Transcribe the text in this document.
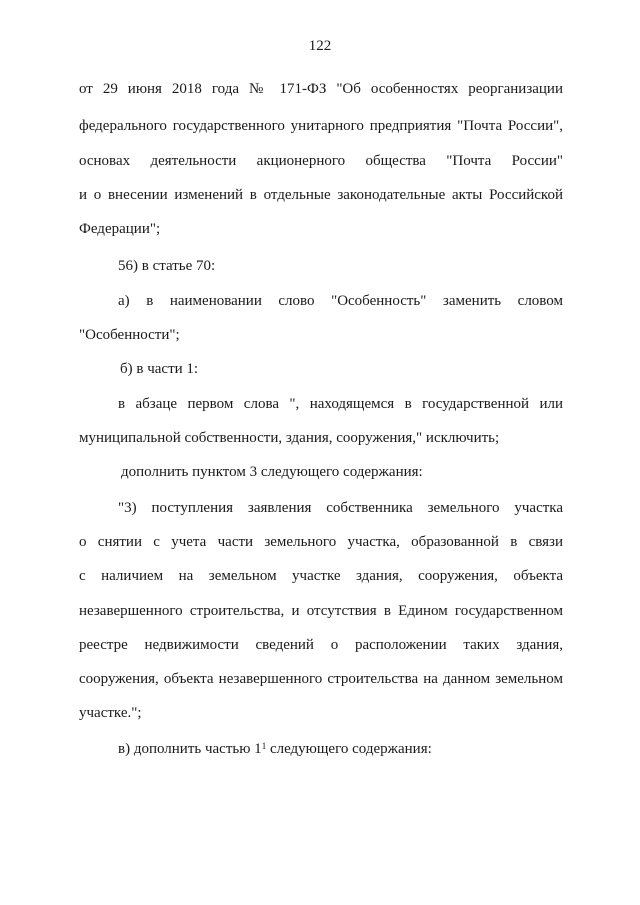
122
от 29 июня 2018 года № 171-ФЗ "Об особенностях реорганизации
федерального государственного унитарного предприятия "Почта России",
основах деятельности акционерного общества "Почта России"
и о внесении изменений в отдельные законодательные акты Российской
Федерации";
56) в статье 70:
а) в наименовании слово "Особенность" заменить словом
"Особенности";
б) в части 1:
в абзаце первом слова ", находящемся в государственной или
муниципальной собственности, здания, сооружения," исключить;
дополнить пунктом 3 следующего содержания:
"3) поступления заявления собственника земельного участка
о снятии с учета части земельного участка, образованной в связи
с наличием на земельном участке здания, сооружения, объекта
незавершенного строительства, и отсутствия в Едином государственном
реестре недвижимости сведений о расположении таких здания,
сооружения, объекта незавершенного строительства на данном земельном
участке.";
в) дополнить частью $1^1$ следующего содержания:
